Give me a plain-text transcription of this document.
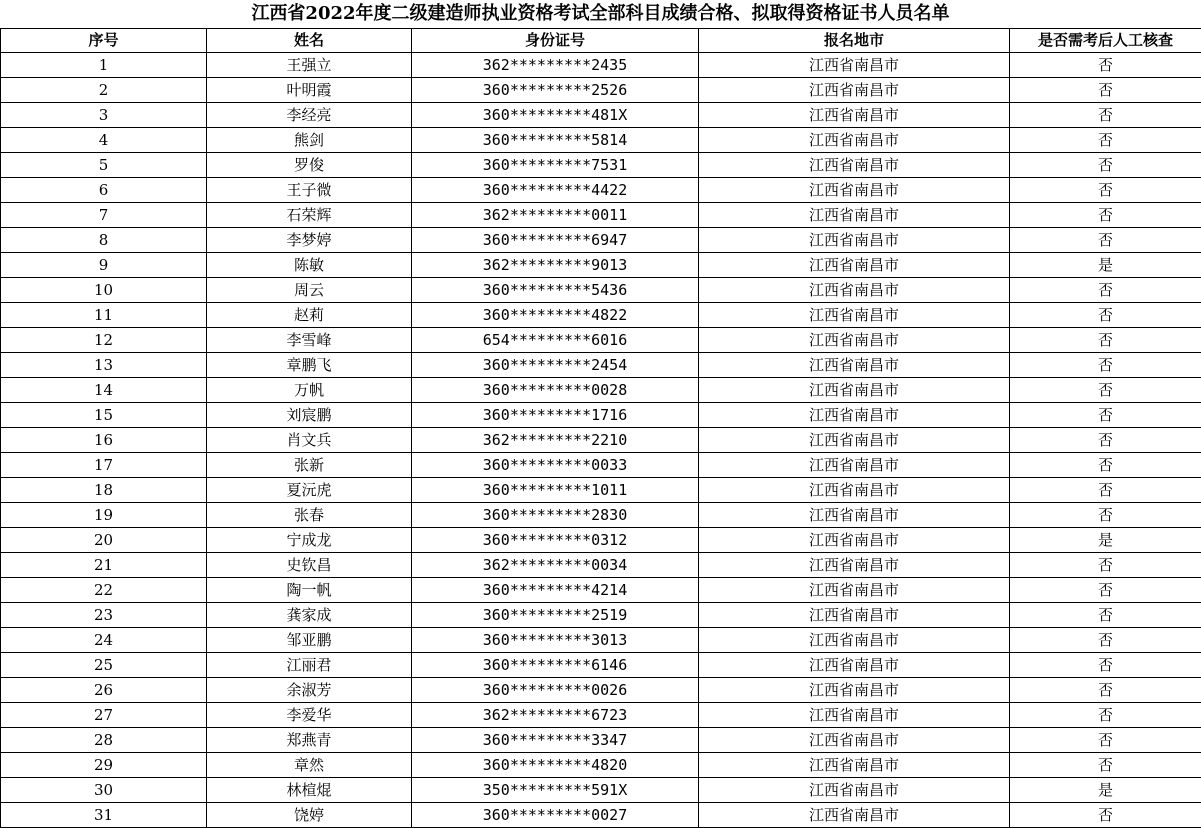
江西省2022年度二级建造师执业资格考试全部科目成绩合格、拟取得资格证书人员名单
序号	姓名	身份证号	报名地市	是否需考后人工核查
1	王强立	362*********2435	江西省南昌市	否
2	叶明霞	360*********2526	江西省南昌市	否
3	李经亮	360*********481X	江西省南昌市	否
4	熊剑	360*********5814	江西省南昌市	否
5	罗俊	360*********7531	江西省南昌市	否
6	王子微	360*********4422	江西省南昌市	否
7	石荣辉	362*********0011	江西省南昌市	否
8	李梦婷	360*********6947	江西省南昌市	否
9	陈敏	362*********9013	江西省南昌市	是
10	周云	360*********5436	江西省南昌市	否
11	赵莉	360*********4822	江西省南昌市	否
12	李雪峰	654*********6016	江西省南昌市	否
13	章鹏飞	360*********2454	江西省南昌市	否
14	万帆	360*********0028	江西省南昌市	否
15	刘宸鹏	360*********1716	江西省南昌市	否
16	肖文兵	362*********2210	江西省南昌市	否
17	张新	360*********0033	江西省南昌市	否
18	夏沅虎	360*********1011	江西省南昌市	否
19	张春	360*********2830	江西省南昌市	否
20	宁成龙	360*********0312	江西省南昌市	是
21	史钦昌	362*********0034	江西省南昌市	否
22	陶一帆	360*********4214	江西省南昌市	否
23	龚家成	360*********2519	江西省南昌市	否
24	邹亚鹏	360*********3013	江西省南昌市	否
25	江丽君	360*********6146	江西省南昌市	否
26	余淑芳	360*********0026	江西省南昌市	否
27	李爱华	362*********6723	江西省南昌市	否
28	郑燕青	360*********3347	江西省南昌市	否
29	章然	360*********4820	江西省南昌市	否
30	林楦焜	350*********591X	江西省南昌市	是
31	饶婷	360*********0027	江西省南昌市	否
